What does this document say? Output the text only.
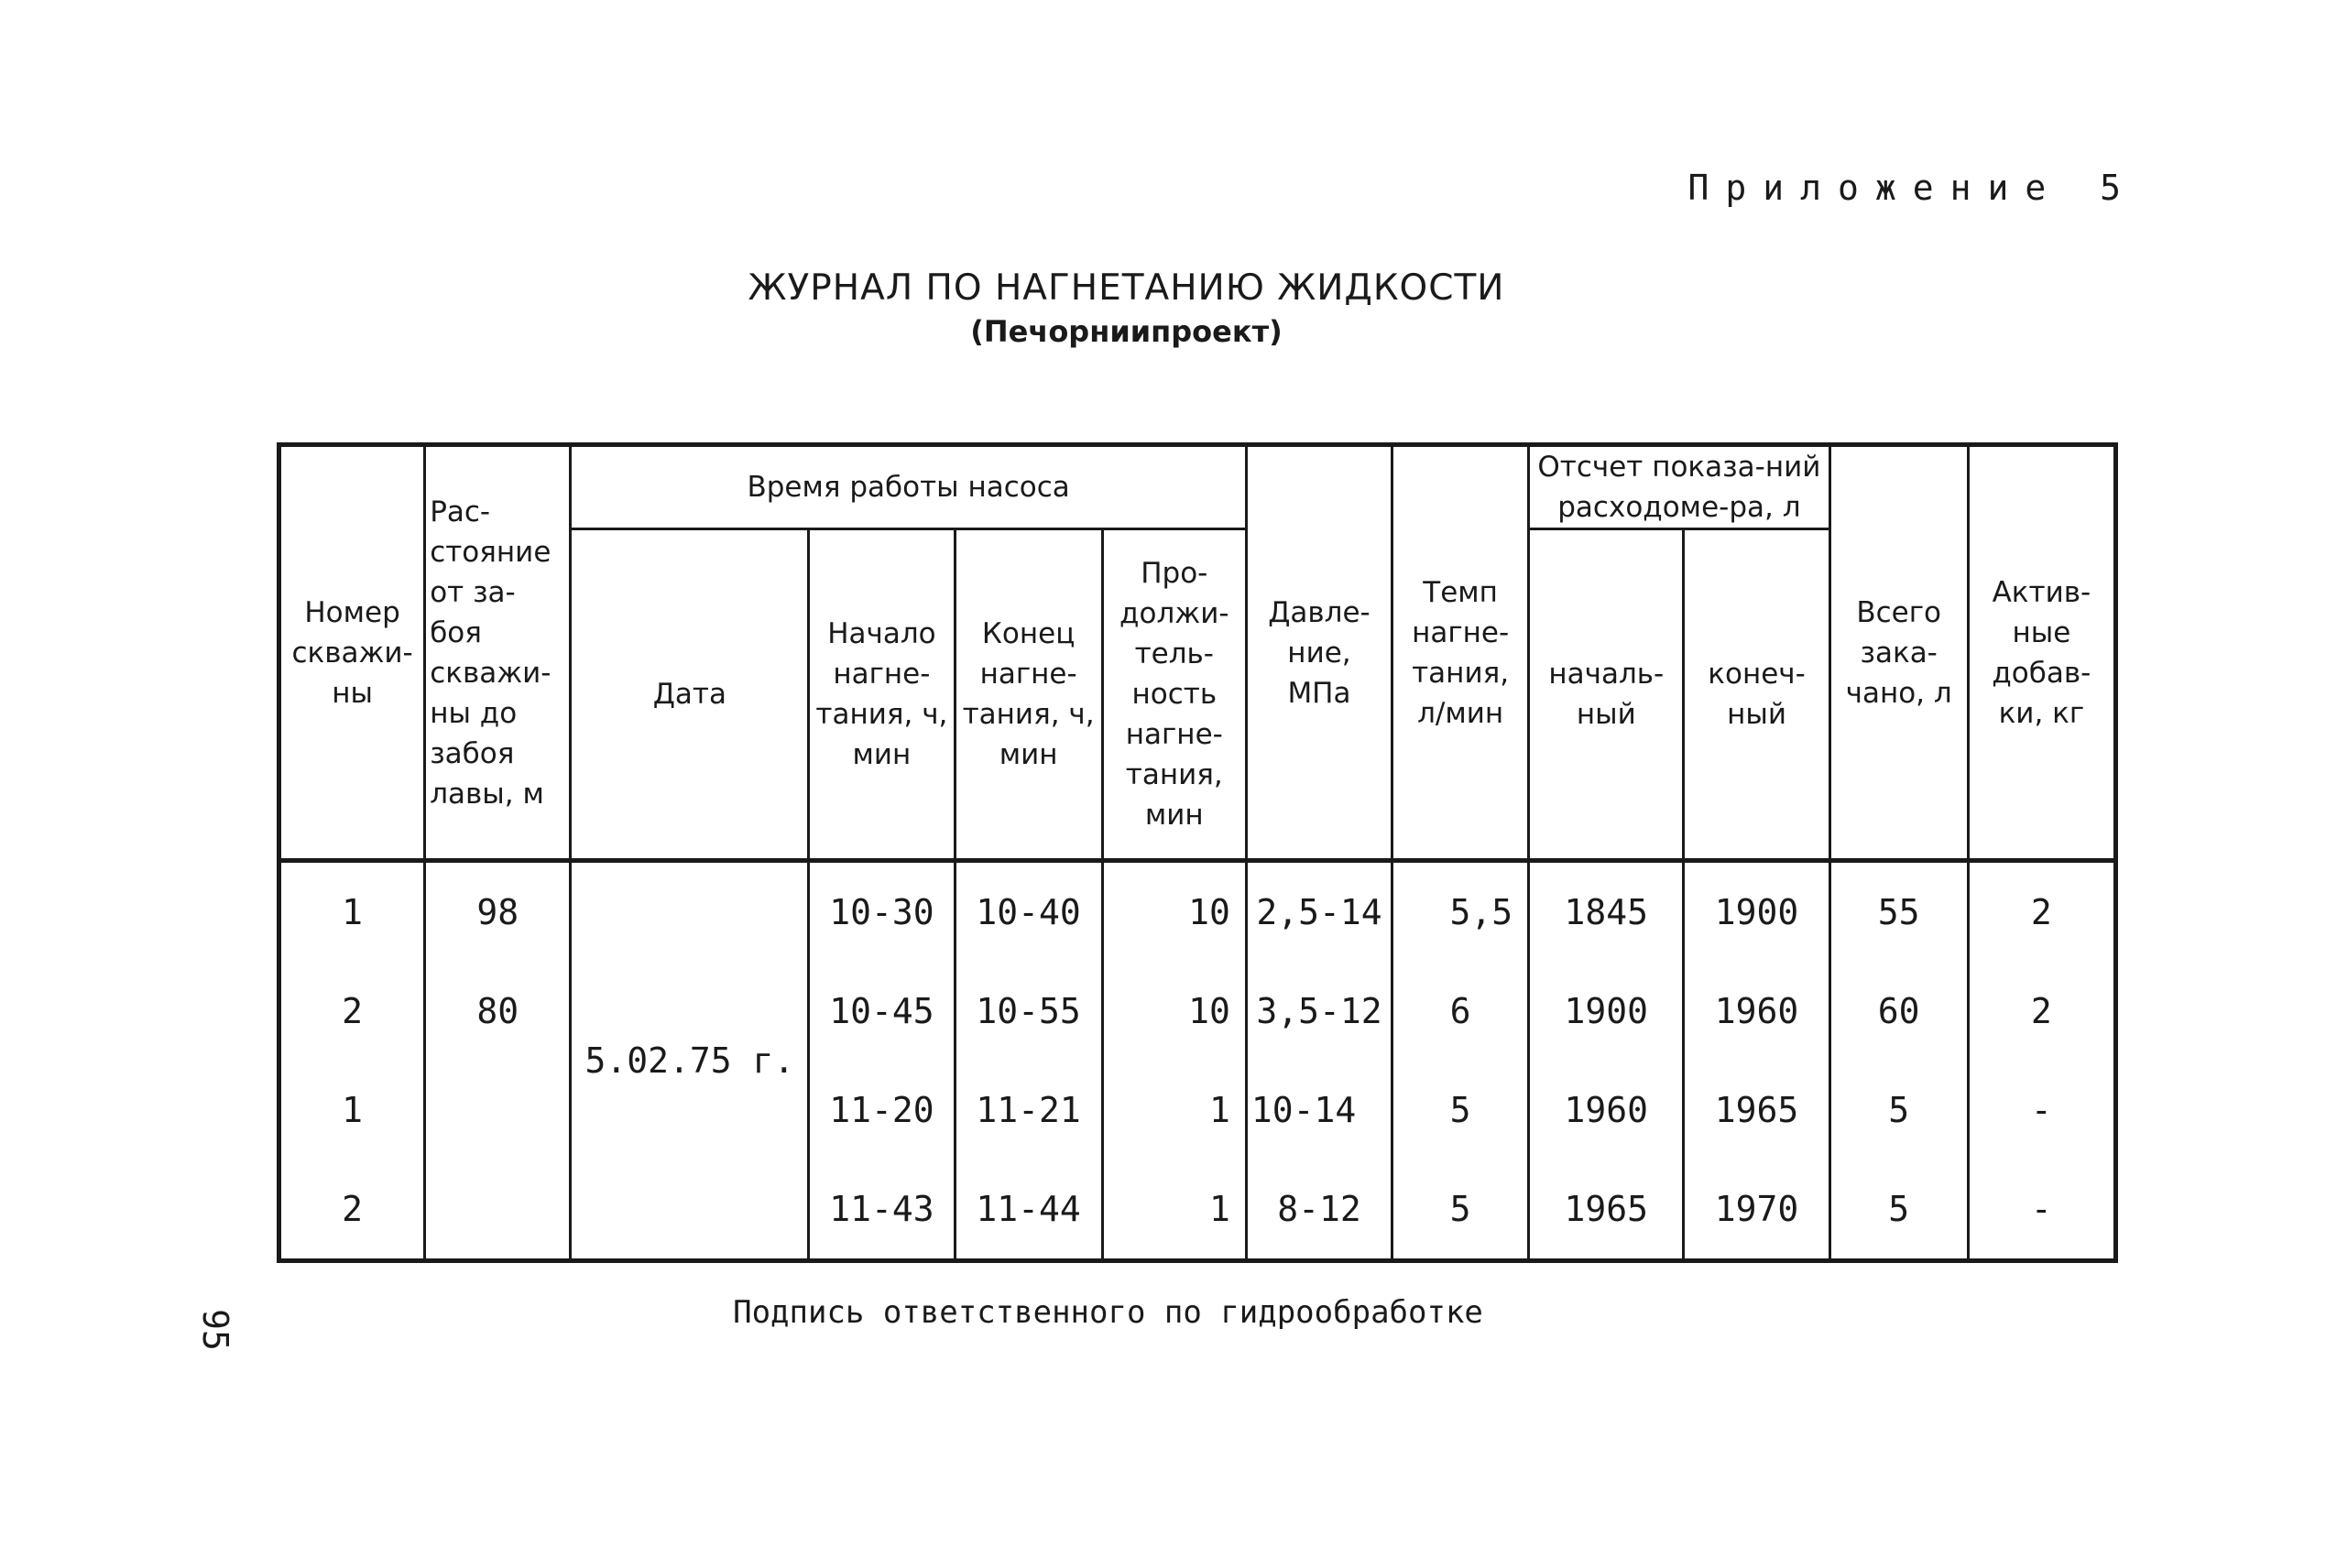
Приложение 5
ЖУРНАЛ ПО НАГНЕТАНИЮ ЖИДКОСТИ
(Печорниипроект)
Номер скважи-ны	Рас-стояние от за-боя скважи-ны до забоя лавы, м	Время работы насоса				Давле-ние, МПа	Темп нагне-тания, л/мин	Отсчет показа-ний расходоме-ра, л		Всего зака-чано, л	Актив-ные добав-ки, кг
		Дата	Начало нагне-тания, ч, мин	Конец нагне-тания, ч, мин	Про-должи-тель-ность нагне-тания, мин			началь-ный	конеч-ный		
1	98	5.02.75 г.	10-30	10-40	10	2,5-14	5,5	1845	1900	55	2
2	80		10-45	10-55	10	3,5-12	6	1900	1960	60	2
1			11-20	11-21	1	10-14	5	1960	1965	5	-
2			11-43	11-44	1	8-12	5	1965	1970	5	-
Подпись ответственного по гидрообработке
95
